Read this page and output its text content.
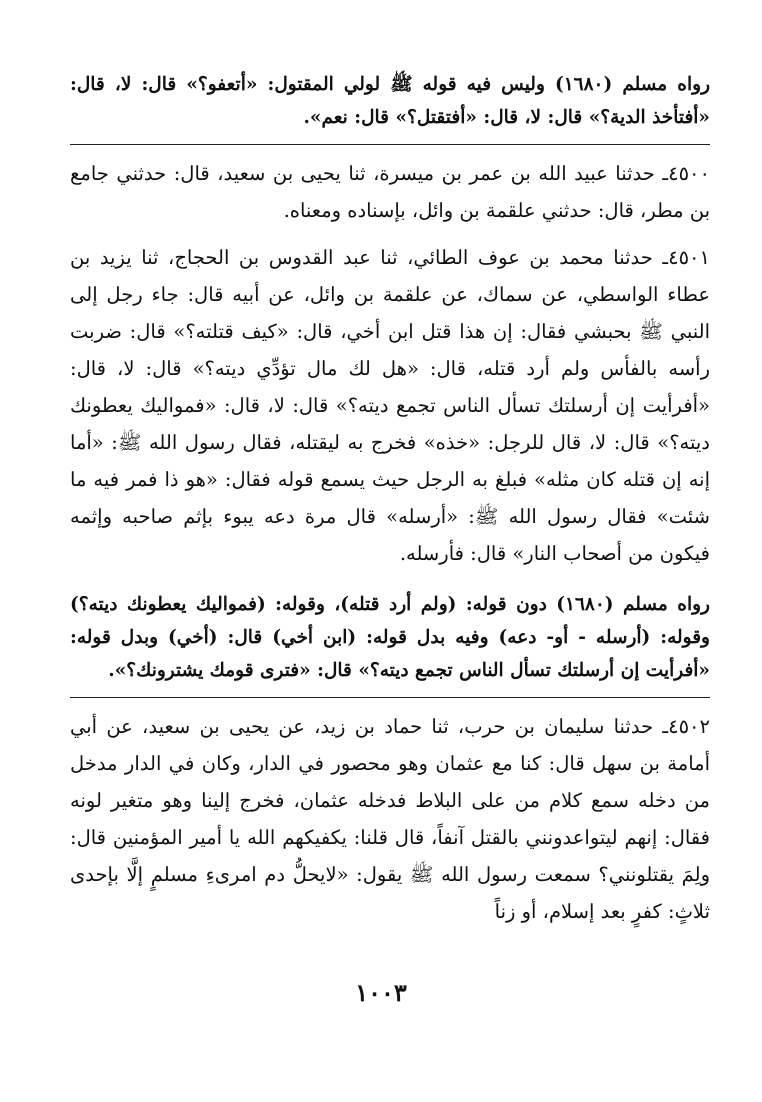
رواه مسلم (١٦٨٠) وليس فيه قوله ﷺ لولي المقتول: «أتعفو؟» قال: لا، قال: «أفتأخذ الدية؟» قال: لا، قال: «أفتقتل؟» قال: نعم».

٤٥٠٠ـ حدثنا عبيد الله بن عمر بن ميسرة، ثنا يحيى بن سعيد، قال: حدثني جامع بن مطر، قال: حدثني علقمة بن وائل، بإسناده ومعناه.

٤٥٠١ـ حدثنا محمد بن عوف الطائي، ثنا عبد القدوس بن الحجاج، ثنا يزيد بن عطاء الواسطي، عن سماك، عن علقمة بن وائل، عن أبيه قال: جاء رجل إلى النبي ﷺ بحبشي فقال: إن هذا قتل ابن أخي، قال: «كيف قتلته؟» قال: ضربت رأسه بالفأس ولم أرد قتله، قال: «هل لك مال تؤدِّي ديته؟» قال: لا، قال: «أفرأيت إن أرسلتك تسأل الناس تجمع ديته؟» قال: لا، قال: «فمواليك يعطونك ديته؟» قال: لا، قال للرجل: «خذه» فخرج به ليقتله، فقال رسول الله ﷺ: «أما إنه إن قتله كان مثله» فبلغ به الرجل حيث يسمع قوله فقال: «هو ذا فمر فيه ما شئت» فقال رسول الله ﷺ: «أرسله» قال مرة دعه يبوء بإثم صاحبه وإثمه فيكون من أصحاب النار» قال: فأرسله.

رواه مسلم (١٦٨٠) دون قوله: (ولم أرد قتله)، وقوله: (فمواليك يعطونك ديته؟) وقوله: (أرسله - أو- دعه) وفيه بدل قوله: (ابن أخي) قال: (أخي) وبدل قوله: «أفرأيت إن أرسلتك تسأل الناس تجمع ديته؟» قال: «فترى قومك يشترونك؟».

٤٥٠٢ـ حدثنا سليمان بن حرب، ثنا حماد بن زيد، عن يحيى بن سعيد، عن أبي أمامة بن سهل قال: كنا مع عثمان وهو محصور في الدار، وكان في الدار مدخل من دخله سمع كلام من على البلاط فدخله عثمان، فخرج إلينا وهو متغير لونه فقال: إنهم ليتواعدونني بالقتل آنفاً، قال قلنا: يكفيكهم الله يا أمير المؤمنين قال: ولِمَ يقتلونني؟ سمعت رسول الله ﷺ يقول: «لايحلُّ دم امرىءِ مسلمٍ إلَّا بإحدى ثلاثٍ: كفرٍ بعد إسلام، أو زناً

١٠٠٣
